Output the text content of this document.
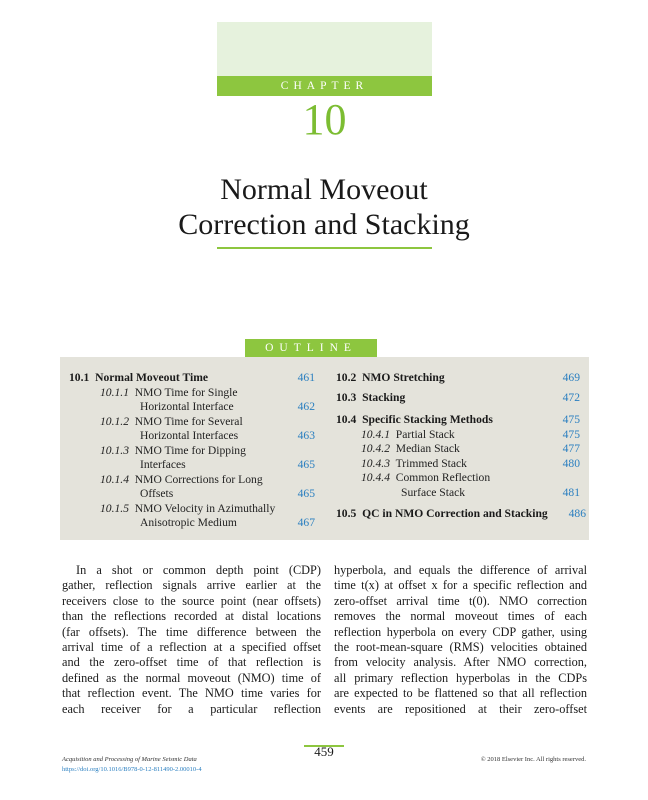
CHAPTER
10
Normal Moveout
Correction and Stacking
OUTLINE
10.1 Normal Moveout Time	461
10.1.1 NMO Time for Single
Horizontal Interface	462
10.1.2 NMO Time for Several
Horizontal Interfaces	463
10.1.3 NMO Time for Dipping
Interfaces	465
10.1.4 NMO Corrections for Long
Offsets	465
10.1.5 NMO Velocity in Azimuthally
Anisotropic Medium	467
10.2 NMO Stretching	469
10.3 Stacking	472
10.4 Specific Stacking Methods	475
10.4.1 Partial Stack	475
10.4.2 Median Stack	477
10.4.3 Trimmed Stack	480
10.4.4 Common Reflection
Surface Stack	481
10.5 QC in NMO Correction and Stacking	486
In a shot or common depth point (CDP)
gather, reflection signals arrive earlier at the
receivers close to the source point (near offsets)
than the reflections recorded at distal locations
(far offsets). The time difference between the
arrival time of a reflection at a specified offset
and the zero-offset time of that reflection is
defined as the normal moveout (NMO) time of
that reflection event. The NMO time varies for
each receiver for a particular reflection
hyperbola, and equals the difference of arrival
time t(x) at offset x for a specific reflection and
zero-offset arrival time t(0). NMO correction
removes the normal moveout times of each
reflection hyperbola on every CDP gather, using
the root-mean-square (RMS) velocities obtained
from velocity analysis. After NMO correction,
all primary reflection hyperbolas in the CDPs
are expected to be flattened so that all reflection
events are repositioned at their zero-offset
459
Acquisition and Processing of Marine Seismic Data
https://doi.org/10.1016/B978-0-12-811490-2.00010-4
© 2018 Elsevier Inc. All rights reserved.
